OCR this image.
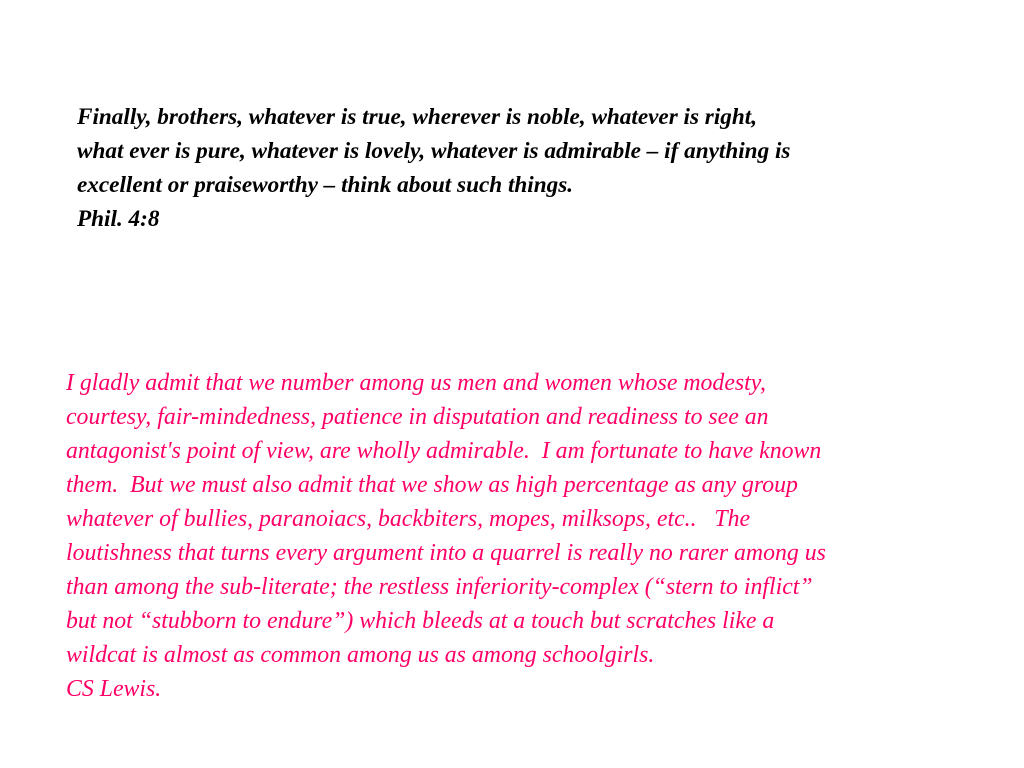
Finally, brothers, whatever is true, wherever is noble, whatever is right,
what ever is pure, whatever is lovely, whatever is admirable – if anything is
excellent or praiseworthy – think about such things.
Phil. 4:8
I gladly admit that we number among us men and women whose modesty,
courtesy, fair-mindedness, patience in disputation and readiness to see an
antagonist's point of view, are wholly admirable.  I am fortunate to have known
them.  But we must also admit that we show as high percentage as any group
whatever of bullies, paranoiacs, backbiters, mopes, milksops, etc..   The
loutishness that turns every argument into a quarrel is really no rarer among us
than among the sub-literate; the restless inferiority-complex (“stern to inflict”
but not “stubborn to endure”) which bleeds at a touch but scratches like a
wildcat is almost as common among us as among schoolgirls.
CS Lewis.
